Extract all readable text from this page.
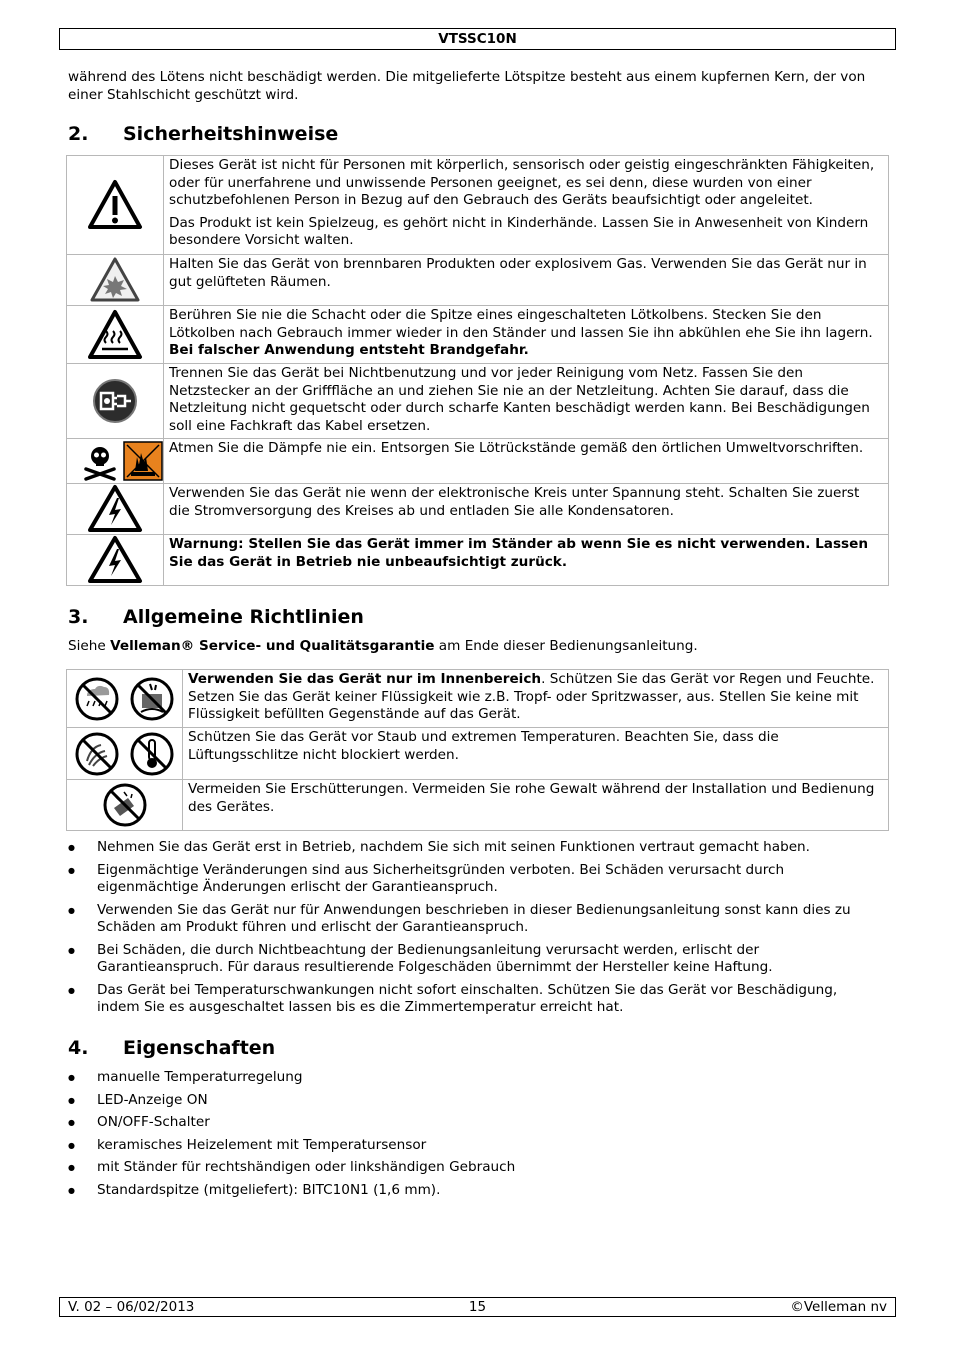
VTSSC10N

während des Lötens nicht beschädigt werden. Die mitgelieferte Lötspitze besteht aus einem kupfernen Kern, der von einer Stahlschicht geschützt wird.

2. Sicherheitshinweise

Dieses Gerät ist nicht für Personen mit körperlich, sensorisch oder geistig eingeschränkten Fähigkeiten, oder für unerfahrene und unwissende Personen geeignet, es sei denn, diese wurden von einer schutzbefohlenen Person in Bezug auf den Gebrauch des Geräts beaufsichtigt oder angeleitet.

Das Produkt ist kein Spielzeug, es gehört nicht in Kinderhände. Lassen Sie in Anwesenheit von Kindern besondere Vorsicht walten.

Halten Sie das Gerät von brennbaren Produkten oder explosivem Gas. Verwenden Sie das Gerät nur in gut gelüfteten Räumen.

Berühren Sie nie die Schacht oder die Spitze eines eingeschalteten Lötkolbens. Stecken Sie den Lötkolben nach Gebrauch immer wieder in den Ständer und lassen Sie ihn abkühlen ehe Sie ihn lagern. Bei falscher Anwendung entsteht Brandgefahr.

Trennen Sie das Gerät bei Nichtbenutzung und vor jeder Reinigung vom Netz. Fassen Sie den Netzstecker an der Grifffläche an und ziehen Sie nie an der Netzleitung. Achten Sie darauf, dass die Netzleitung nicht gequetscht oder durch scharfe Kanten beschädigt werden kann. Bei Beschädigungen soll eine Fachkraft das Kabel ersetzen.

Atmen Sie die Dämpfe nie ein. Entsorgen Sie Lötrückstände gemäß den örtlichen Umweltvorschriften.

Verwenden Sie das Gerät nie wenn der elektronische Kreis unter Spannung steht. Schalten Sie zuerst die Stromversorgung des Kreises ab und entladen Sie alle Kondensatoren.

Warnung: Stellen Sie das Gerät immer im Ständer ab wenn Sie es nicht verwenden. Lassen Sie das Gerät in Betrieb nie unbeaufsichtigt zurück.

3. Allgemeine Richtlinien

Siehe Velleman® Service- und Qualitätsgarantie am Ende dieser Bedienungsanleitung.

Verwenden Sie das Gerät nur im Innenbereich. Schützen Sie das Gerät vor Regen und Feuchte. Setzen Sie das Gerät keiner Flüssigkeit wie z.B. Tropf- oder Spritzwasser, aus. Stellen Sie keine mit Flüssigkeit befüllten Gegenstände auf das Gerät.

Schützen Sie das Gerät vor Staub und extremen Temperaturen. Beachten Sie, dass die Lüftungsschlitze nicht blockiert werden.

Vermeiden Sie Erschütterungen. Vermeiden Sie rohe Gewalt während der Installation und Bedienung des Gerätes.

● Nehmen Sie das Gerät erst in Betrieb, nachdem Sie sich mit seinen Funktionen vertraut gemacht haben.
● Eigenmächtige Veränderungen sind aus Sicherheitsgründen verboten. Bei Schäden verursacht durch eigenmächtige Änderungen erlischt der Garantieanspruch.
● Verwenden Sie das Gerät nur für Anwendungen beschrieben in dieser Bedienungsanleitung sonst kann dies zu Schäden am Produkt führen und erlischt der Garantieanspruch.
● Bei Schäden, die durch Nichtbeachtung der Bedienungsanleitung verursacht werden, erlischt der Garantieanspruch. Für daraus resultierende Folgeschäden übernimmt der Hersteller keine Haftung.
● Das Gerät bei Temperaturschwankungen nicht sofort einschalten. Schützen Sie das Gerät vor Beschädigung, indem Sie es ausgeschaltet lassen bis es die Zimmertemperatur erreicht hat.
4. Eigenschaften
● manuelle Temperaturregelung
● LED-Anzeige ON
● ON/OFF-Schalter
● keramisches Heizelement mit Temperatursensor
● mit Ständer für rechtshändigen oder linkshändigen Gebrauch
● Standardspitze (mitgeliefert): BITC10N1 (1,6 mm).
15
V. 02 – 06/02/2013	©Velleman nv
